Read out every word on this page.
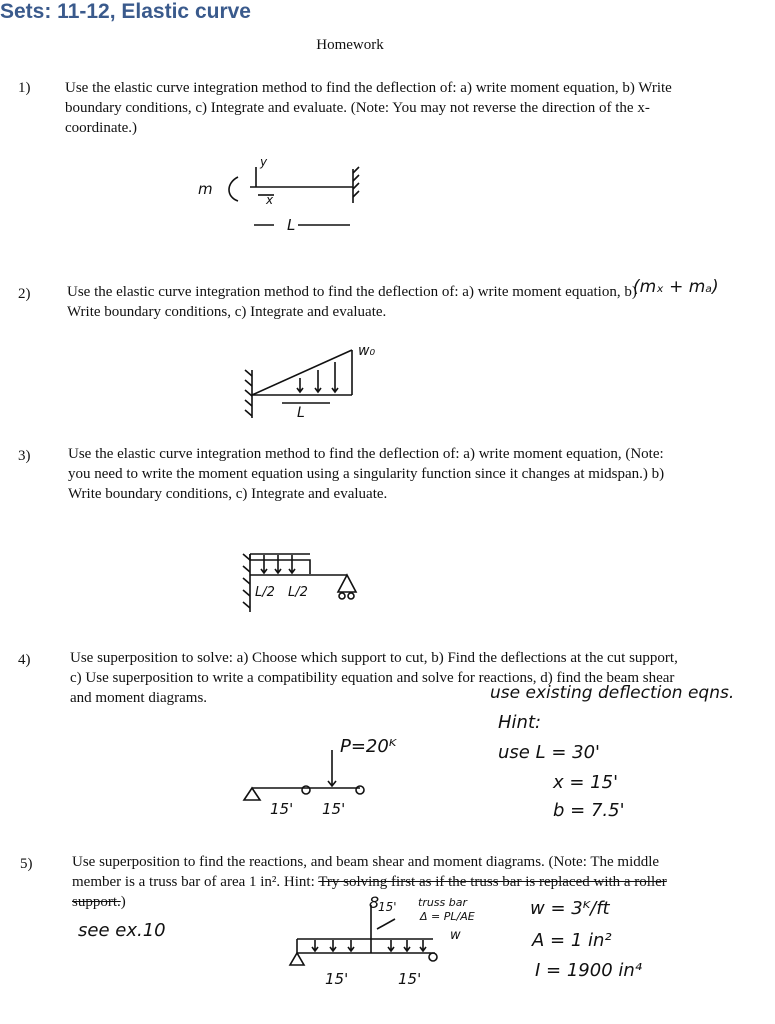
Sets: 11-12, Elastic curve
Homework
1) Use the elastic curve integration method to find the deflection of: a) write moment equation, b) Write boundary conditions, c) Integrate and evaluate. (Note: You may not reverse the direction of the x-coordinate.)
m
y
x
L
2) Use the elastic curve integration method to find the deflection of: a) write moment equation, b) Write boundary conditions, c) Integrate and evaluate.
(mₓ + mₐ)
w₀
L
3)	Use the elastic curve integration method to find the deflection of: a) write moment equation, (Note: you need to write the moment equation using a singularity function since it changes at midspan.) b) Write boundary conditions, c) Integrate and evaluate.
L/2 L/2
4)	Use superposition to solve: a) Choose which support to cut, b) Find the deflections at the cut support, c) Use superposition to write a compatibility equation and solve for reactions, d) find the beam shear and moment diagrams.	use existing deflection eqns.
Hint:
use L = 30'
x = 15'
b = 7.5'
P=20ᴷ
15' 15'
5)	Use superposition to find the reactions, and beam shear and moment diagrams. (Note: The middle member is a truss bar of area 1 in². Hint: Try solving first as if the truss bar is replaced with a roller support.)
see ex.10
w = 3ᴷ/ft
A = 1 in²
I = 1900 in⁴
8
15' truss bar
Δ = PL/AE
w
15'	15'
